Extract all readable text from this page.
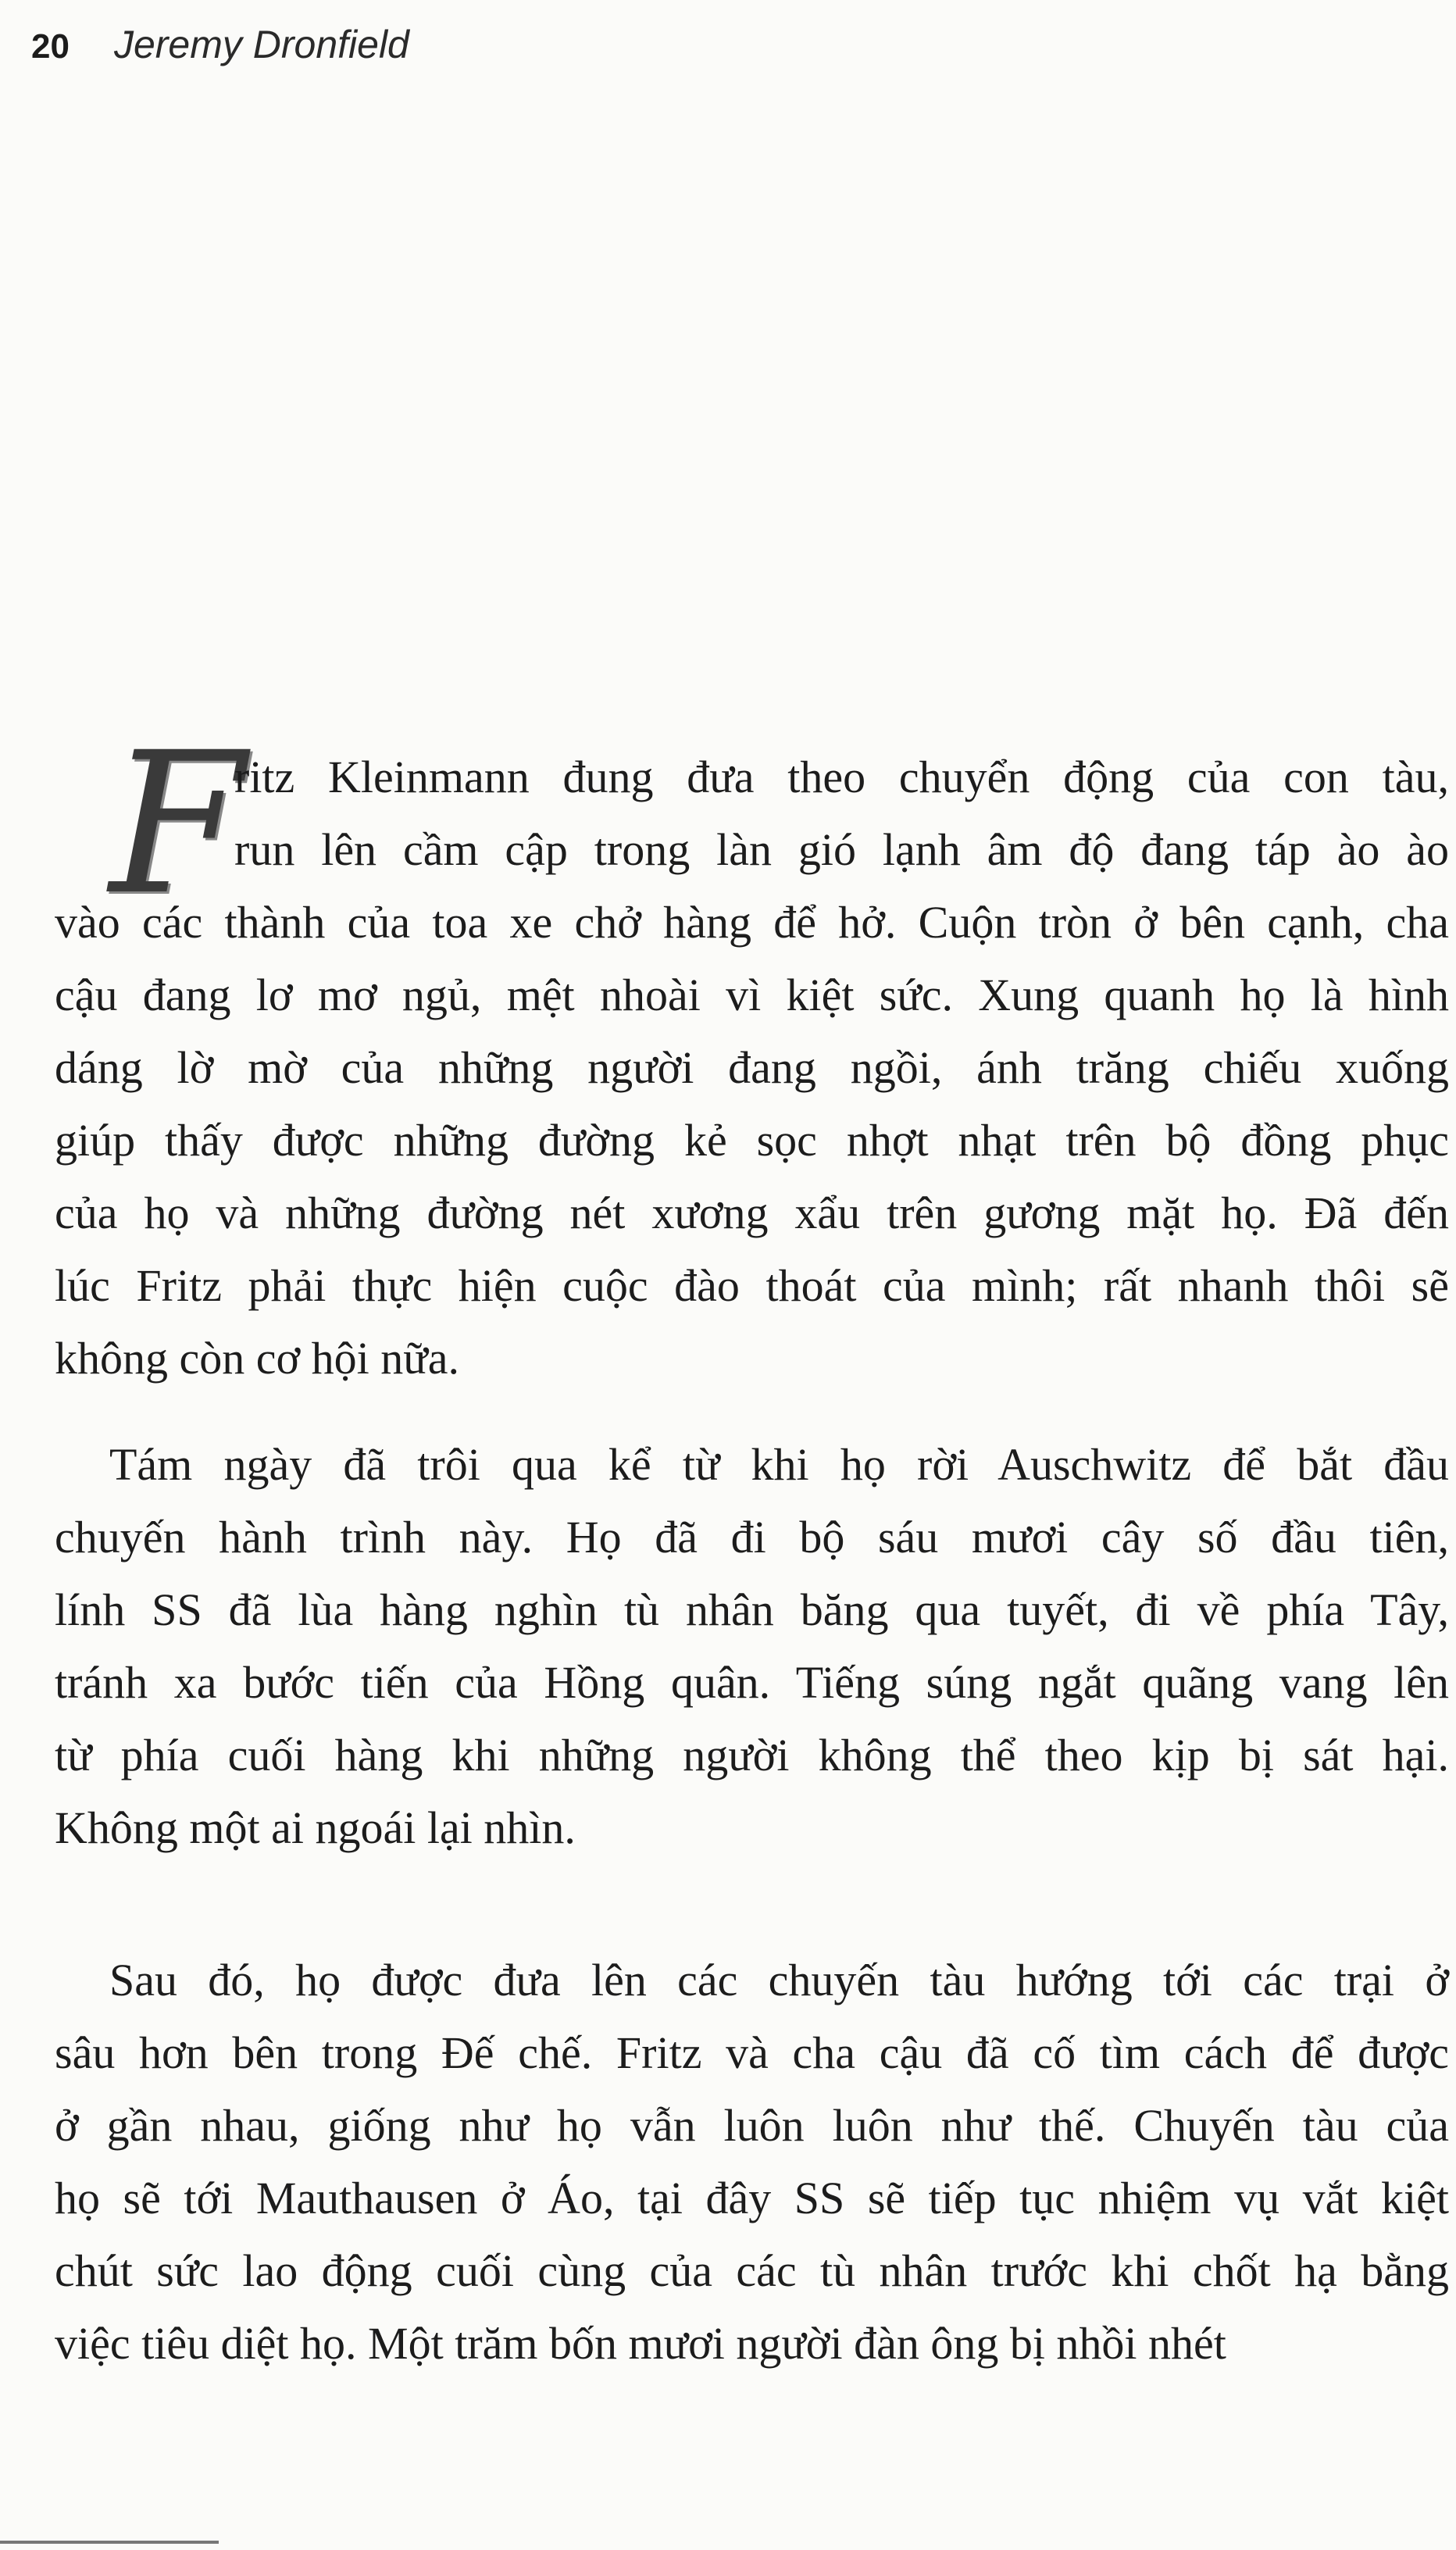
20 Jeremy Dronfield
F
ritz Kleinmann đung đưa theo chuyển động của con tàu,
run lên cầm cập trong làn gió lạnh âm độ đang táp ào ào
vào các thành của toa xe chở hàng để hở. Cuộn tròn ở bên cạnh, cha
cậu đang lơ mơ ngủ, mệt nhoài vì kiệt sức. Xung quanh họ là hình
dáng lờ mờ của những người đang ngồi, ánh trăng chiếu xuống
giúp thấy được những đường kẻ sọc nhợt nhạt trên bộ đồng phục
của họ và những đường nét xương xẩu trên gương mặt họ. Đã đến
lúc Fritz phải thực hiện cuộc đào thoát của mình; rất nhanh thôi sẽ
không còn cơ hội nữa.
Tám ngày đã trôi qua kể từ khi họ rời Auschwitz để bắt đầu
chuyến hành trình này. Họ đã đi bộ sáu mươi cây số đầu tiên,
lính SS đã lùa hàng nghìn tù nhân băng qua tuyết, đi về phía Tây,
tránh xa bước tiến của Hồng quân. Tiếng súng ngắt quãng vang lên
từ phía cuối hàng khi những người không thể theo kịp bị sát hại.
Không một ai ngoái lại nhìn.
Sau đó, họ được đưa lên các chuyến tàu hướng tới các trại ở
sâu hơn bên trong Đế chế. Fritz và cha cậu đã cố tìm cách để được
ở gần nhau, giống như họ vẫn luôn luôn như thế. Chuyến tàu của
họ sẽ tới Mauthausen ở Áo, tại đây SS sẽ tiếp tục nhiệm vụ vắt kiệt
chút sức lao động cuối cùng của các tù nhân trước khi chốt hạ bằng
việc tiêu diệt họ. Một trăm bốn mươi người đàn ông bị nhồi nhét
